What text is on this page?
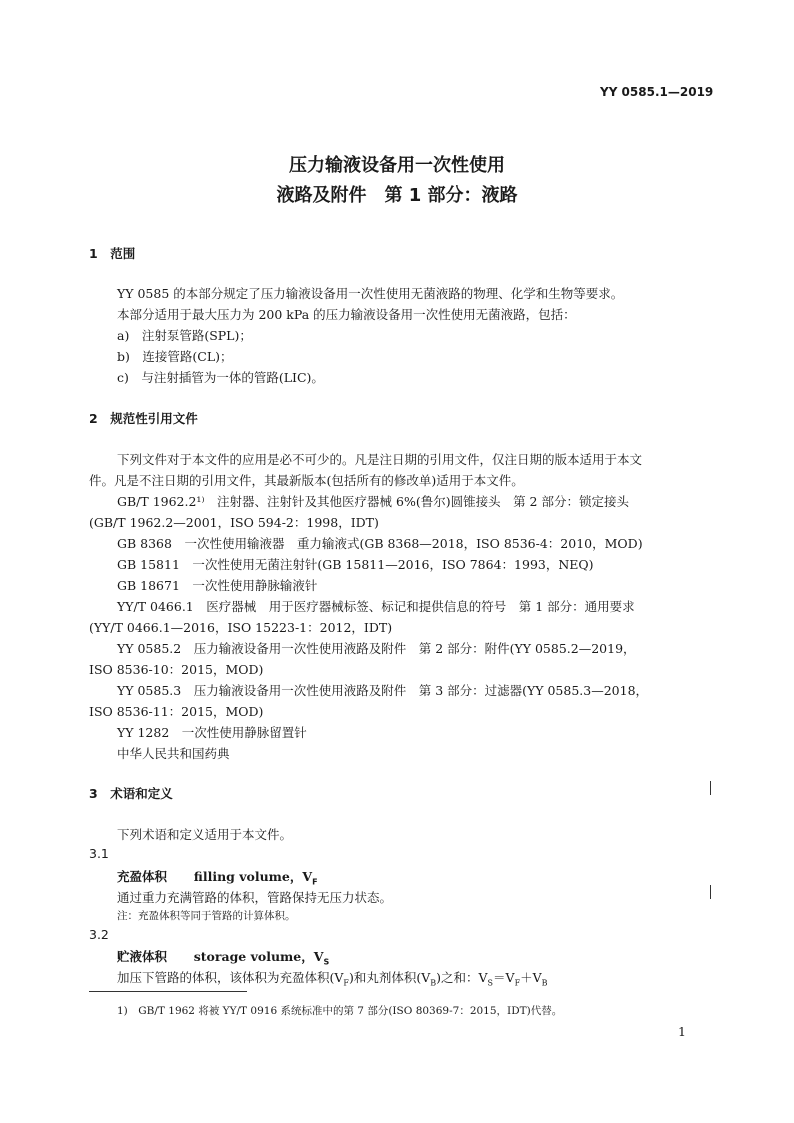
YY 0585.1—2019
压力输液设备用一次性使用
液路及附件　第 1 部分：液路
1　范围
YY 0585 的本部分规定了压力输液设备用一次性使用无菌液路的物理、化学和生物等要求。
本部分适用于最大压力为 200 kPa 的压力输液设备用一次性使用无菌液路，包括：
a)　注射泵管路(SPL)；
b)　连接管路(CL)；
c)　与注射插管为一体的管路(LIC)。
2　规范性引用文件
下列文件对于本文件的应用是必不可少的。凡是注日期的引用文件，仅注日期的版本适用于本文
件。凡是不注日期的引用文件，其最新版本(包括所有的修改单)适用于本文件。
GB/T 1962.2¹⁾　注射器、注射针及其他医疗器械 6%(鲁尔)圆锥接头　第 2 部分：锁定接头
(GB/T 1962.2—2001，ISO 594-2：1998，IDT)
GB 8368　一次性使用输液器　重力输液式(GB 8368—2018，ISO 8536-4：2010，MOD)
GB 15811　一次性使用无菌注射针(GB 15811—2016，ISO 7864：1993，NEQ)
GB 18671　一次性使用静脉输液针
YY/T 0466.1　医疗器械　用于医疗器械标签、标记和提供信息的符号　第 1 部分：通用要求
(YY/T 0466.1—2016，ISO 15223-1：2012，IDT)
YY 0585.2　压力输液设备用一次性使用液路及附件　第 2 部分：附件(YY 0585.2—2019，
ISO 8536-10：2015，MOD)
YY 0585.3　压力输液设备用一次性使用液路及附件　第 3 部分：过滤器(YY 0585.3—2018，
ISO 8536-11：2015，MOD)
YY 1282　一次性使用静脉留置针
中华人民共和国药典
3　术语和定义
下列术语和定义适用于本文件。
3.1
充盈体积 filling volume，$V_F$
通过重力充满管路的体积，管路保持无压力状态。
注：充盈体积等同于管路的计算体积。
3.2
贮液体积 storage volume，$V_S$
加压下管路的体积，该体积为充盈体积$(V_F)$和丸剂体积$(V_B)$之和：$V_S=V_F+V_B$
1)　GB/T 1962 将被 YY/T 0916 系统标准中的第 7 部分(ISO 80369-7：2015，IDT)代替。
1
